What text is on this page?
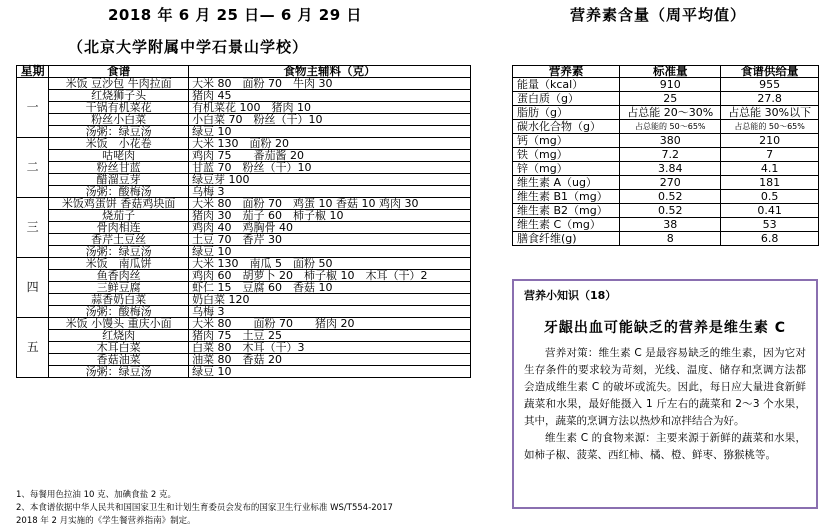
2018 年 6 月 25 日— 6 月 29 日
（北京大学附属中学石景山学校）
营养素含量（周平均值）
星期	食谱	食物主辅料（克）
一	米饭 豆沙包 牛肉拉面	大米 80　面粉 70　牛肉 30
	红烧狮子头	猪肉 45
	干锅有机菜花	有机菜花 100　猪肉 10
	粉丝小白菜	小白菜 70　粉丝（干）10
	汤粥：绿豆汤	绿豆 10
二	米饭　小花卷	大米 130　面粉 20
	咕咾肉	鸡肉 75　　番茄酱 20
	粉丝甘蓝	甘蓝 70　粉丝（干）10
	醋溜豆芽	绿豆芽 100
	汤粥：酸梅汤	乌梅 3
三	米饭鸡蛋饼 香菇鸡块面	大米 80　面粉 70　鸡蛋 10 香菇 10 鸡肉 30
	烧茄子	猪肉 30　茄子 60　柿子椒 10
	骨肉相连	鸡肉 40　鸡胸骨 40
	香芹土豆丝	土豆 70　香芹 30
	汤粥：绿豆汤	绿豆 10
四	米饭　南瓜饼	大米 130　南瓜 5　面粉 50
	鱼香肉丝	鸡肉 60　胡萝卜 20　柿子椒 10　木耳（干）2
	三鲜豆腐	虾仁 15　豆腐 60　香菇 10
	蒜香奶白菜	奶白菜 120
	汤粥：酸梅汤	乌梅 3
五	米饭 小馒头 重庆小面	大米 80　　面粉 70　　猪肉 20
	红烧肉	猪肉 75　土豆 25
	木耳白菜	白菜 80　木耳（干）3
	香菇油菜	油菜 80　香菇 20
	汤粥：绿豆汤	绿豆 10
营养素	标准量	食谱供给量
能量（kcal）	910	955
蛋白质（g）	25	27.8
脂肪（g）	占总能 20～30%	占总能 30%以下
碳水化合物（g）	占总能的 50～65%	占总能的 50～65%
钙（mg）	380	210
铁（mg）	7.2	7
锌（mg）	3.84	4.1
维生素 A（ug）	270	181
维生素 B1（mg）	0.52	0.5
维生素 B2（mg）	0.52	0.41
维生素 C（mg）	38	53
膳食纤维(g)	8	6.8
1、每餐用色拉油 10 克、加碘食盐 2 克。
2、本食谱依据中华人民共和国国家卫生和计划生育委员会发布的国家卫生行业标准 WS/T554-2017
2018 年 2 月实施的《学生餐营养指南》制定。
营养小知识（18）
牙龈出血可能缺乏的营养是维生素 C
营养对策：维生素 C 是最容易缺乏的维生素，因为它对生存条件的要求较为苛刻，光线、温度、储存和烹调方法都会造成维生素 C 的破坏或流失。因此，每日应大量进食新鲜蔬菜和水果，最好能摄入 1 斤左右的蔬菜和 2～3 个水果，其中，蔬菜的烹调方法以热炒和凉拌结合为好。
维生素 C 的食物来源：主要来源于新鲜的蔬菜和水果，如柿子椒、菠菜、西红柿、橘、橙、鲜枣、猕猴桃等。
